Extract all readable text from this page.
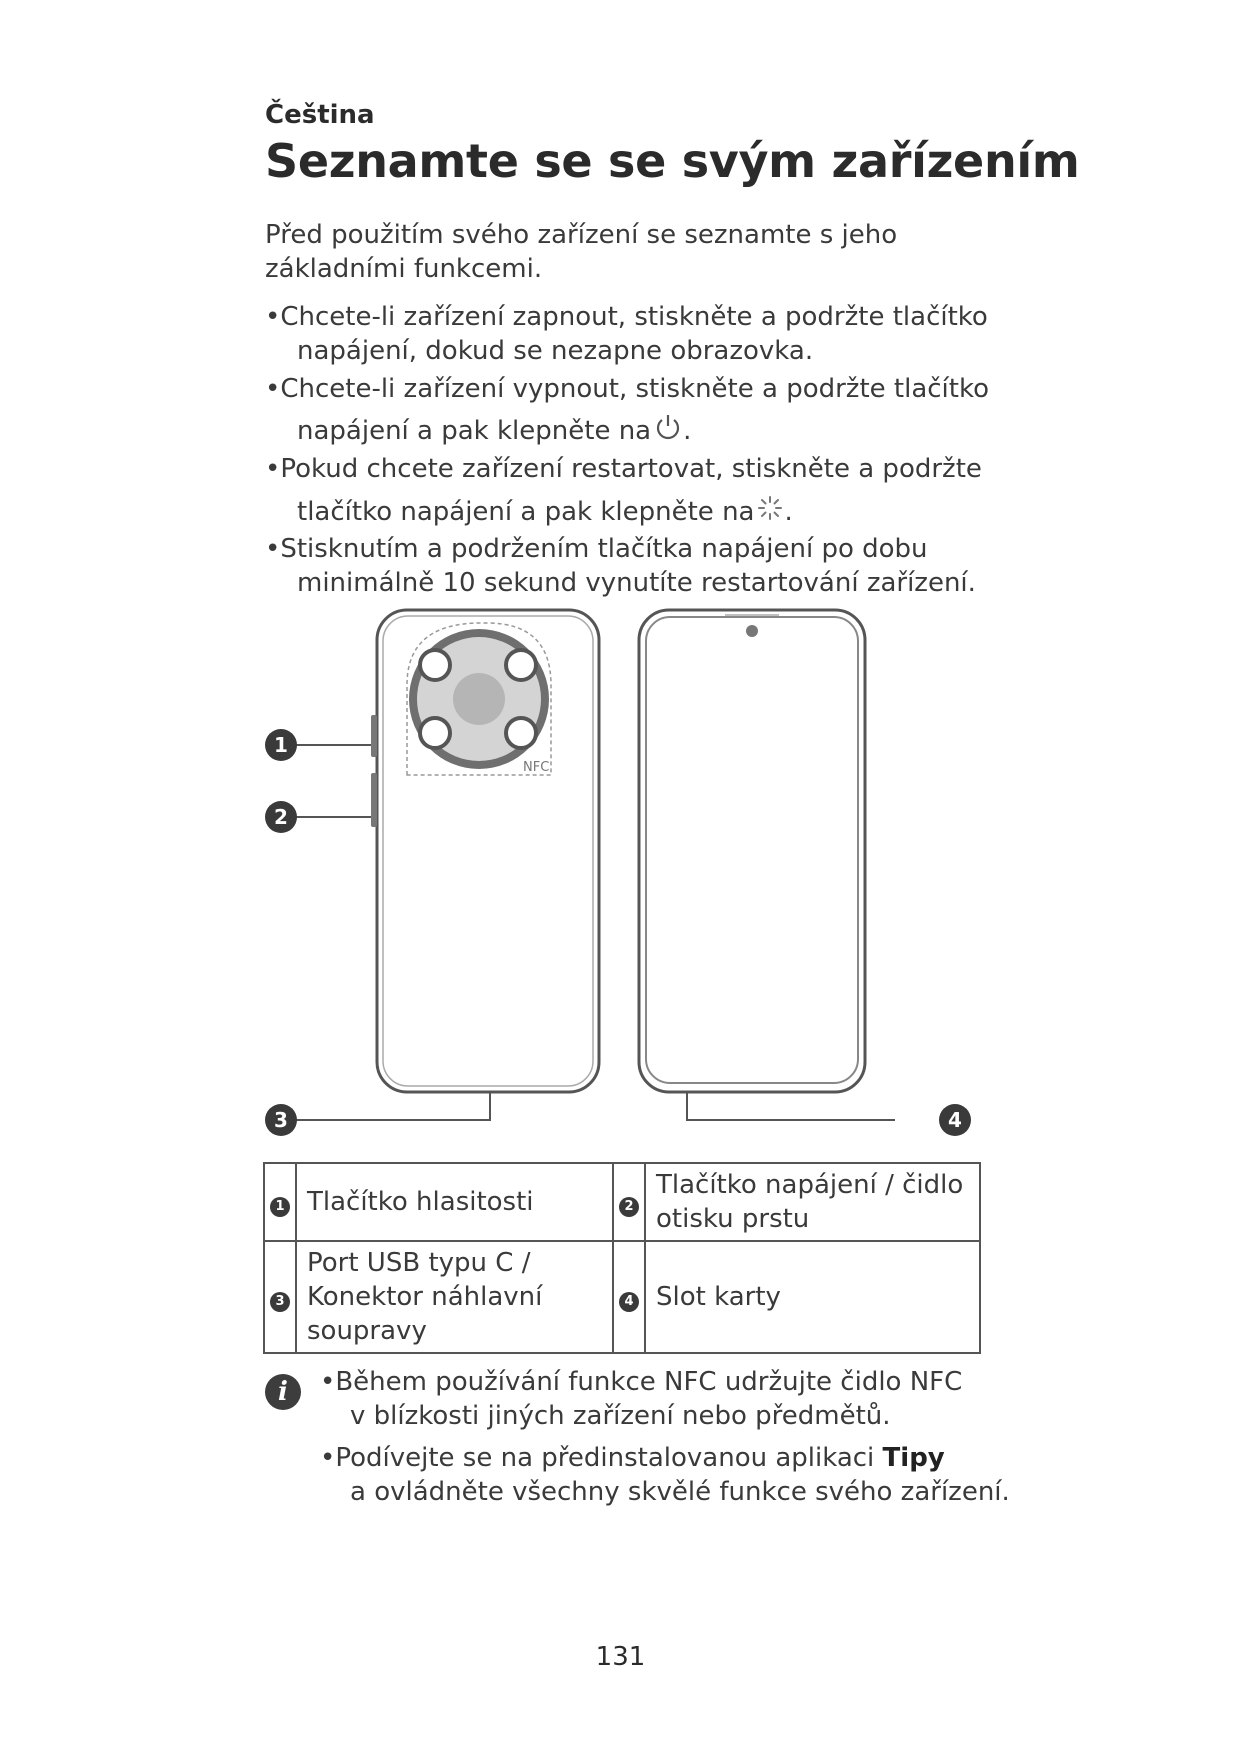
Čeština
Seznamte se se svým zařízením
Před použitím svého zařízení se seznamte s jeho základními funkcemi.
•Chcete-li zařízení zapnout, stiskněte a podržte tlačítko
napájení, dokud se nezapne obrazovka.
•Chcete-li zařízení vypnout, stiskněte a podržte tlačítko
napájení a pak klepněte na .
•Pokud chcete zařízení restartovat, stiskněte a podržte
tlačítko napájení a pak klepněte na .
•Stisknutím a podržením tlačítka napájení po dobu
minimálně 10 sekund vynutíte restartování zařízení.
NFC
1
2
3	4
1	Tlačítko hlasitosti	2	Tlačítko napájení / čidlo otisku prstu
3	Port USB typu C / Konektor náhlavní soupravy	4	Slot karty
i	•Během používání funkce NFC udržujte čidlo NFC
v blízkosti jiných zařízení nebo předmětů.
•Podívejte se na předinstalovanou aplikaci Tipy
a ovládněte všechny skvělé funkce svého zařízení.
131
